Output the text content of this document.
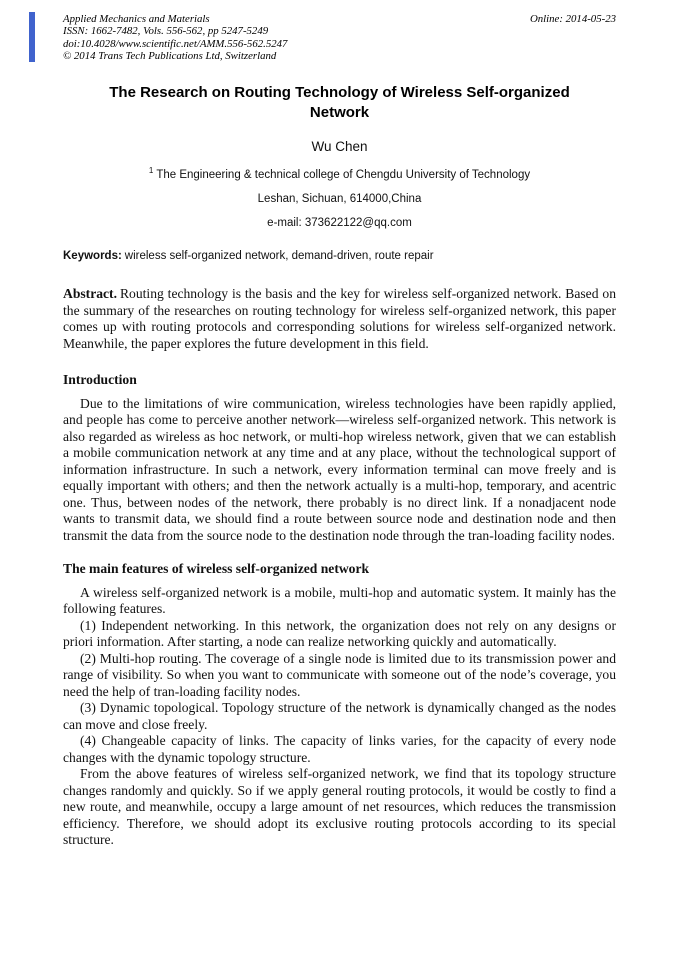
Applied Mechanics and Materials
ISSN: 1662-7482, Vols. 556-562, pp 5247-5249
doi:10.4028/www.scientific.net/AMM.556-562.5247
© 2014 Trans Tech Publications Ltd, Switzerland
Online: 2014-05-23
The Research on Routing Technology of Wireless Self-organized Network
Wu Chen
$^1$ The Engineering & technical college of Chengdu University of Technology
Leshan, Sichuan, 614000,China
e-mail: 373622122@qq.com
Keywords: wireless self-organized network, demand-driven, route repair
Abstract. Routing technology is the basis and the key for wireless self-organized network. Based on the summary of the researches on routing technology for wireless self-organized network, this paper comes up with routing protocols and corresponding solutions for wireless self-organized network. Meanwhile, the paper explores the future development in this field.
Introduction

Due to the limitations of wire communication, wireless technologies have been rapidly applied, and people has come to perceive another network—wireless self-organized network. This network is also regarded as wireless as hoc network, or multi-hop wireless network, given that we can establish a mobile communication network at any time and at any place, without the technological support of information infrastructure. In such a network, every information terminal can move freely and is equally important with others; and then the network actually is a multi-hop, temporary, and acentric one. Thus, between nodes of the network, there probably is no direct link. If a nonadjacent node wants to transmit data, we should find a route between source node and destination node and then transmit the data from the source node to the destination node through the tran-loading facility nodes.

The main features of wireless self-organized network

A wireless self-organized network is a mobile, multi-hop and automatic system. It mainly has the following features.

(1) Independent networking. In this network, the organization does not rely on any designs or priori information. After starting, a node can realize networking quickly and automatically.

(2) Multi-hop routing. The coverage of a single node is limited due to its transmission power and range of visibility. So when you want to communicate with someone out of the node’s coverage, you need the help of tran-loading facility nodes.

(3) Dynamic topological. Topology structure of the network is dynamically changed as the nodes can move and close freely.

(4) Changeable capacity of links. The capacity of links varies, for the capacity of every node changes with the dynamic topology structure.

From the above features of wireless self-organized network, we find that its topology structure changes randomly and quickly. So if we apply general routing protocols, it would be costly to find a new route, and meanwhile, occupy a large amount of net resources, which reduces the transmission efficiency. Therefore, we should adopt its exclusive routing protocols according to its special structure.
